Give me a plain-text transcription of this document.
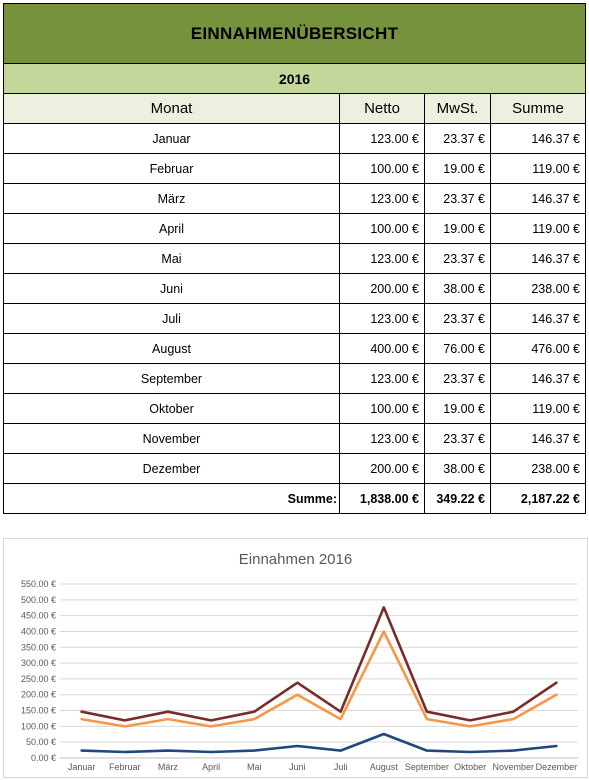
EINNAHMENÜBERSICHT			
2016			
Monat	Netto	MwSt.	Summe
Januar	123.00 €	23.37 €	146.37 €
Februar	100.00 €	19.00 €	119.00 €
März	123.00 €	23.37 €	146.37 €
April	100.00 €	19.00 €	119.00 €
Mai	123.00 €	23.37 €	146.37 €
Juni	200.00 €	38.00 €	238.00 €
Juli	123.00 €	23.37 €	146.37 €
August	400.00 €	76.00 €	476.00 €
September	123.00 €	23.37 €	146.37 €
Oktober	100.00 €	19.00 €	119.00 €
November	123.00 €	23.37 €	146.37 €
Dezember	200.00 €	38.00 €	238.00 €
Summe:	1,838.00 €	349.22 €	2,187.22 €
0.00 €
50.00 €
100.00 €
150.00 €
200.00 €
250.00 €
300.00 €
350.00 €
400.00 €
450.00 €
500.00 €
550.00 €
Januar Februar März	April	Mai	Juni	Juli August September Oktober November Dezember
Einnahmen 2016
